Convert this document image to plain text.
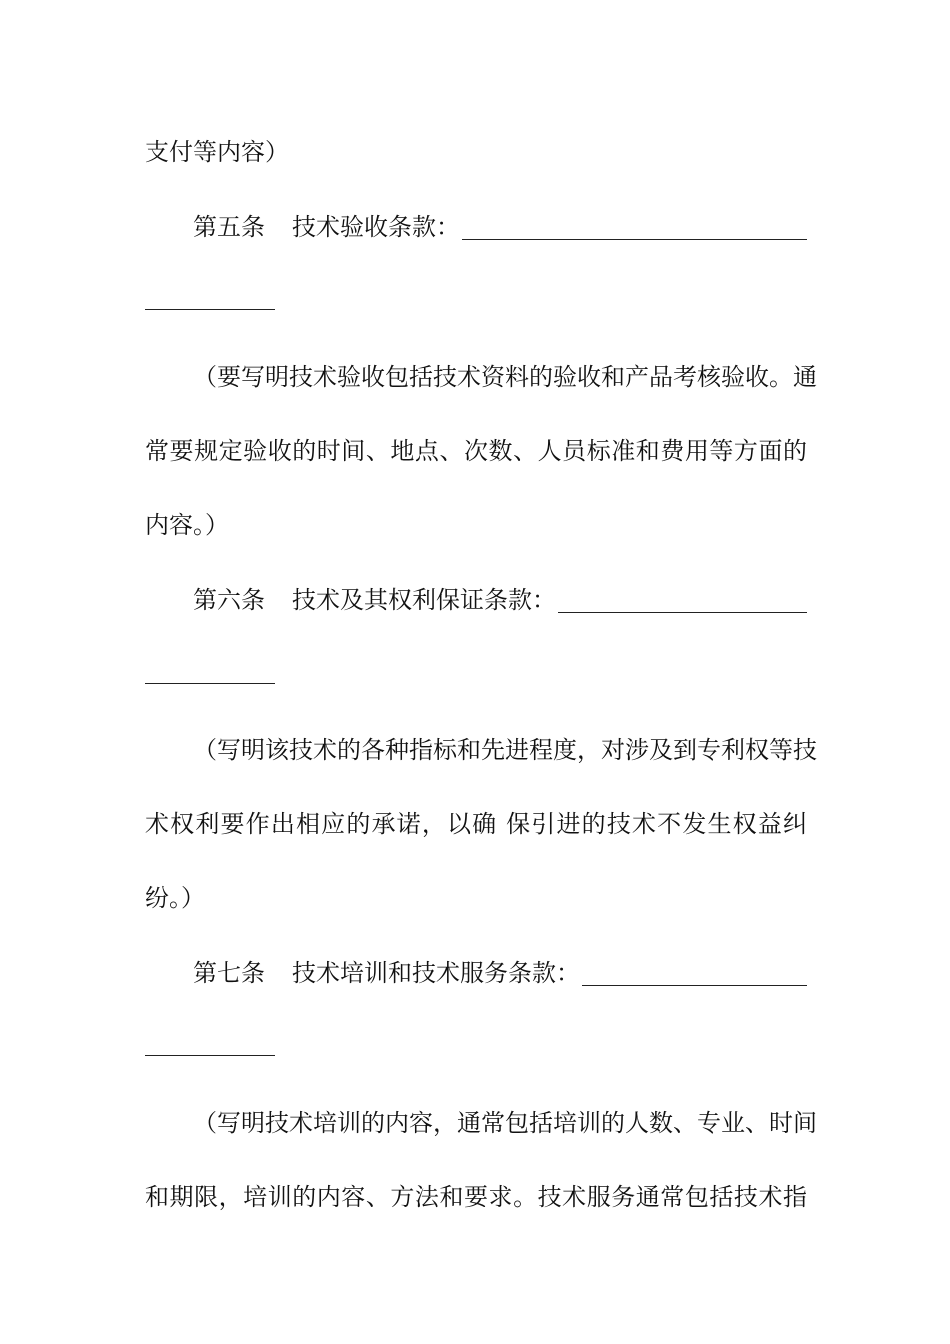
支付等内容）
第五条 技术验收条款：
（要写明技术验收包括技术资料的验收和产品考核验收。通
常要规定验收的时间、地点、次数、人员标准和费用等方面的
内容。）
第六条 技术及其权利保证条款：
（写明该技术的各种指标和先进程度，对涉及到专利权等技
术权利要作出相应的承诺，以确 保引进的技术不发生权益纠
纷。）
第七条 技术培训和技术服务条款：
（写明技术培训的内容，通常包括培训的人数、专业、时间
和期限，培训的内容、方法和要求。技术服务通常包括技术指
